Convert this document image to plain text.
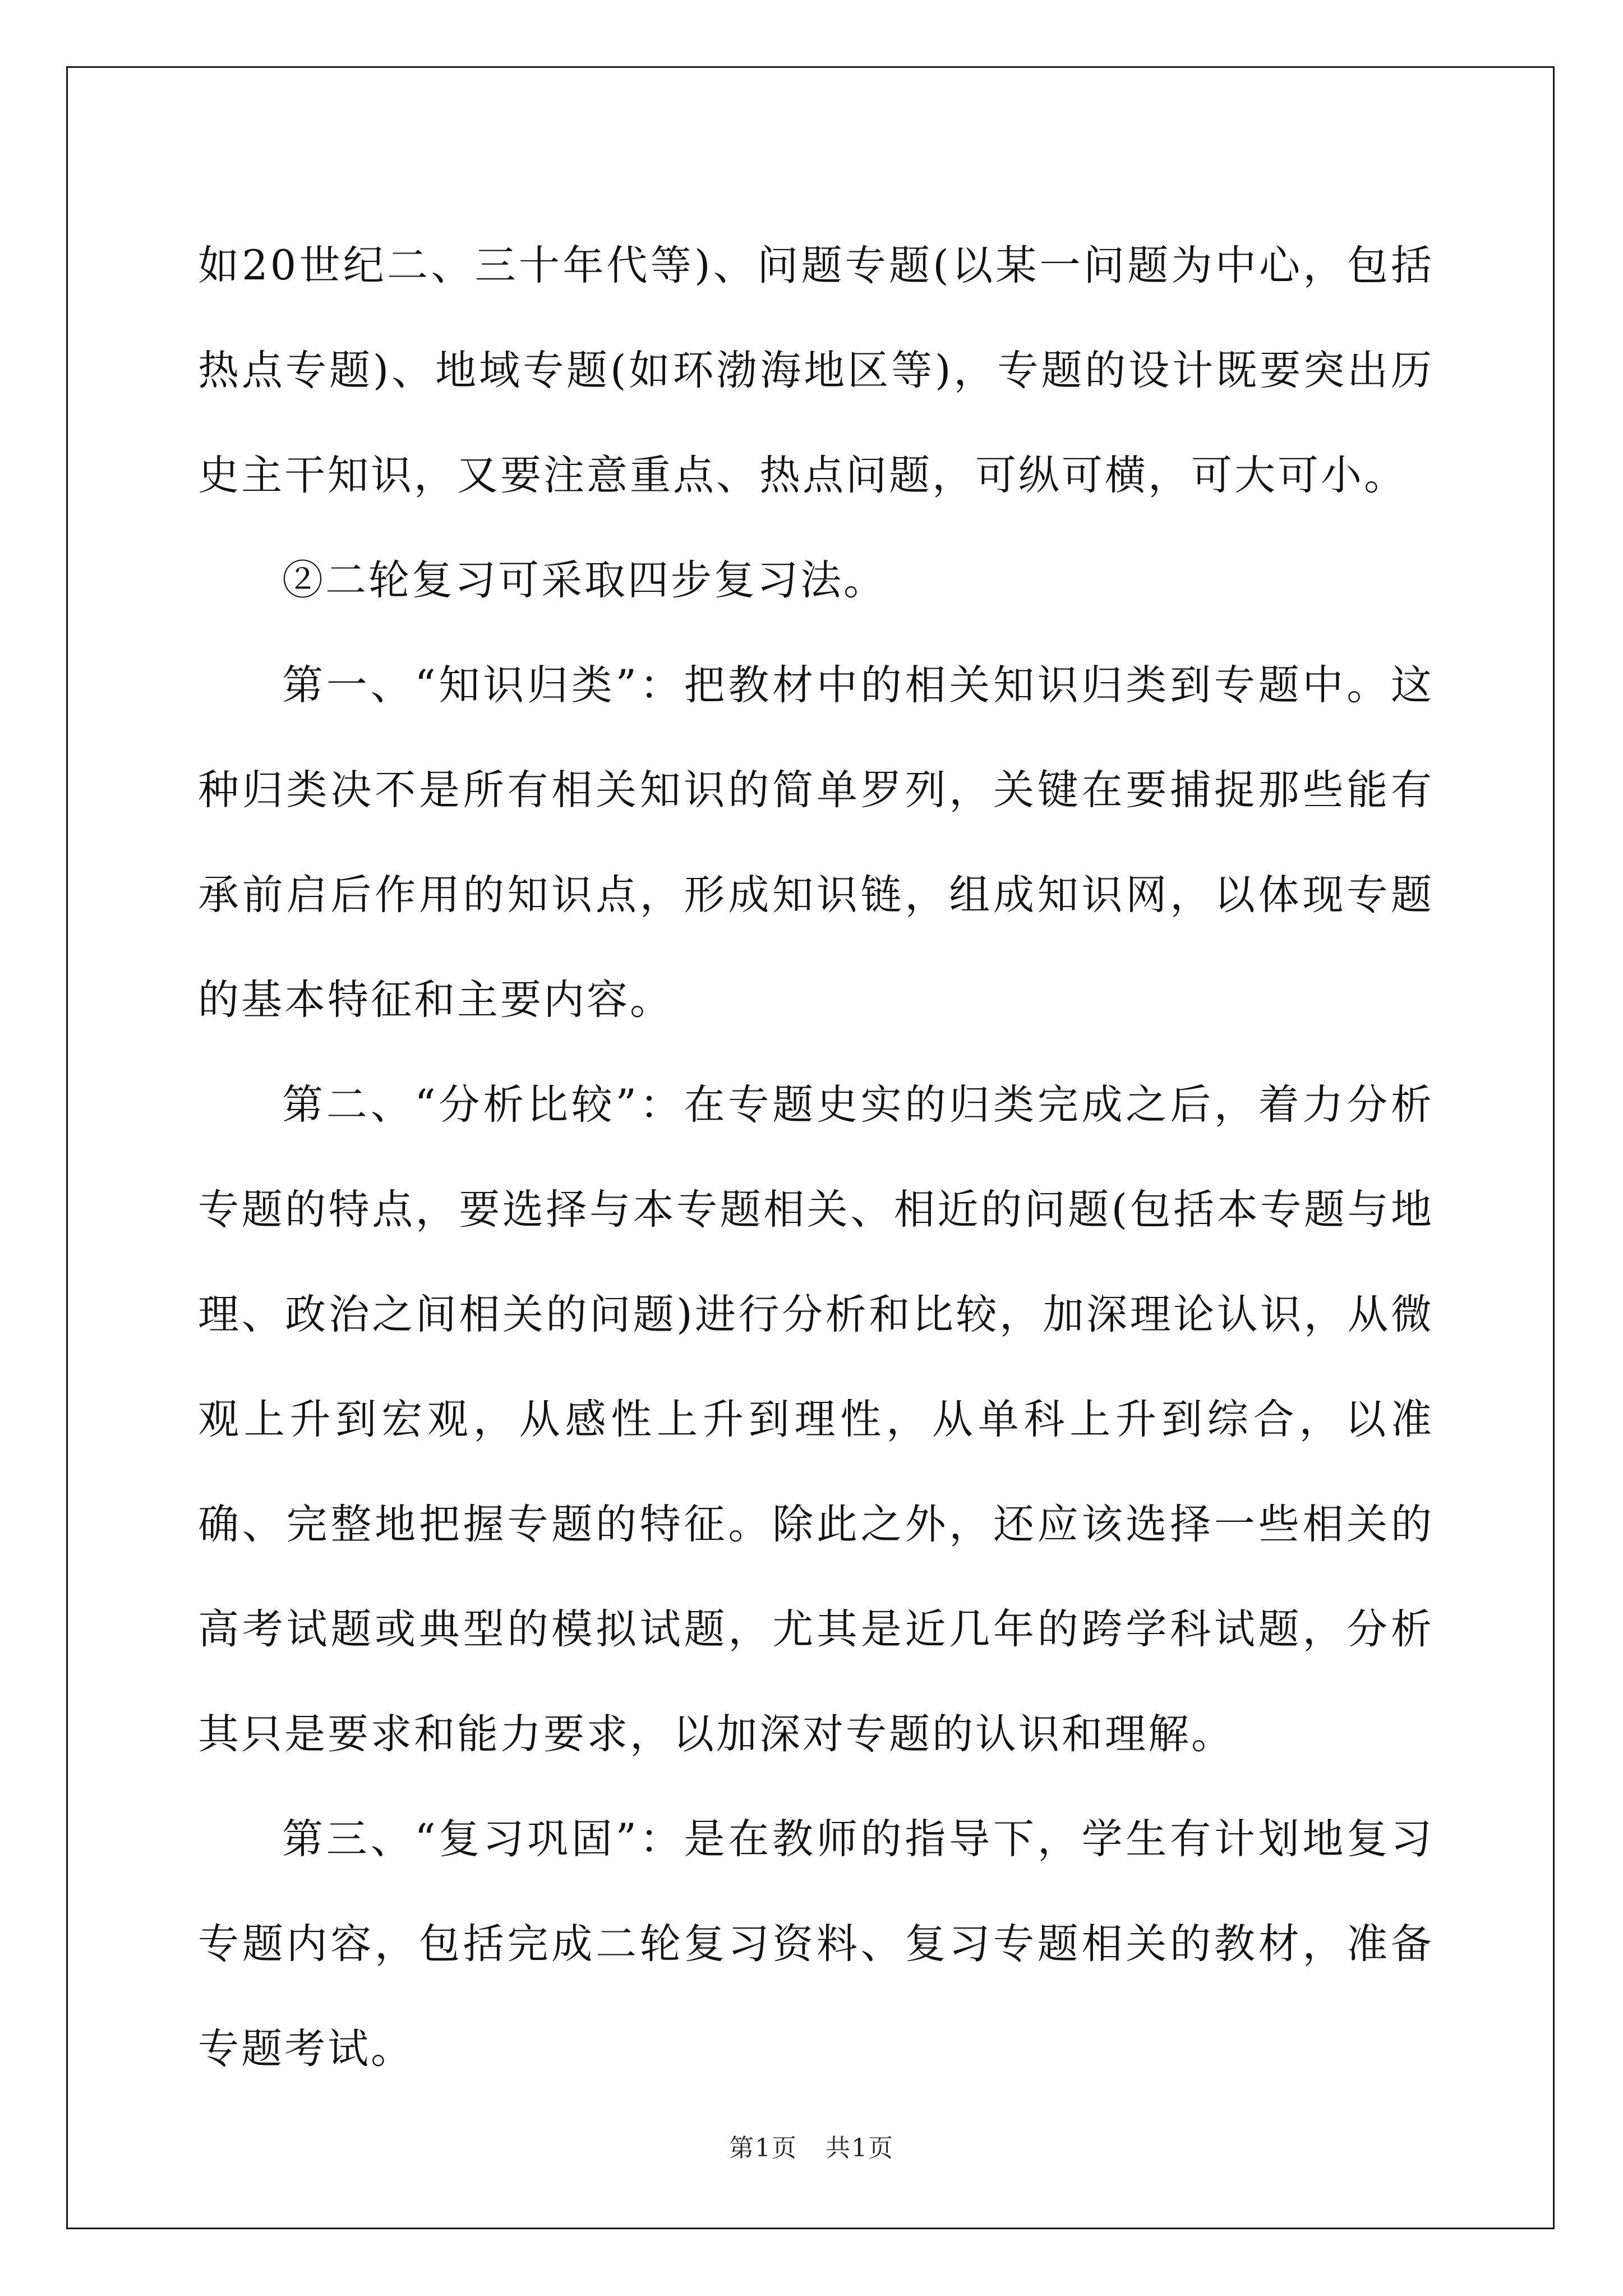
如20世纪二、三十年代等)、问题专题(以某一问题为中心，包括热点专题)、地域专题(如环渤海地区等)，专题的设计既要突出历史主干知识，又要注意重点、热点问题，可纵可横，可大可小。

②二轮复习可采取四步复习法。

第一、“知识归类”：把教材中的相关知识归类到专题中。这种归类决不是所有相关知识的简单罗列，关键在要捕捉那些能有承前启后作用的知识点，形成知识链，组成知识网，以体现专题的基本特征和主要内容。

第二、“分析比较”：在专题史实的归类完成之后，着力分析专题的特点，要选择与本专题相关、相近的问题(包括本专题与地理、政治之间相关的问题)进行分析和比较，加深理论认识，从微观上升到宏观，从感性上升到理性，从单科上升到综合，以准确、完整地把握专题的特征。除此之外，还应该选择一些相关的高考试题或典型的模拟试题，尤其是近几年的跨学科试题，分析其只是要求和能力要求，以加深对专题的认识和理解。

第三、“复习巩固”：是在教师的指导下，学生有计划地复习专题内容，包括完成二轮复习资料、复习专题相关的教材，准备专题考试。

第1页 共1页
